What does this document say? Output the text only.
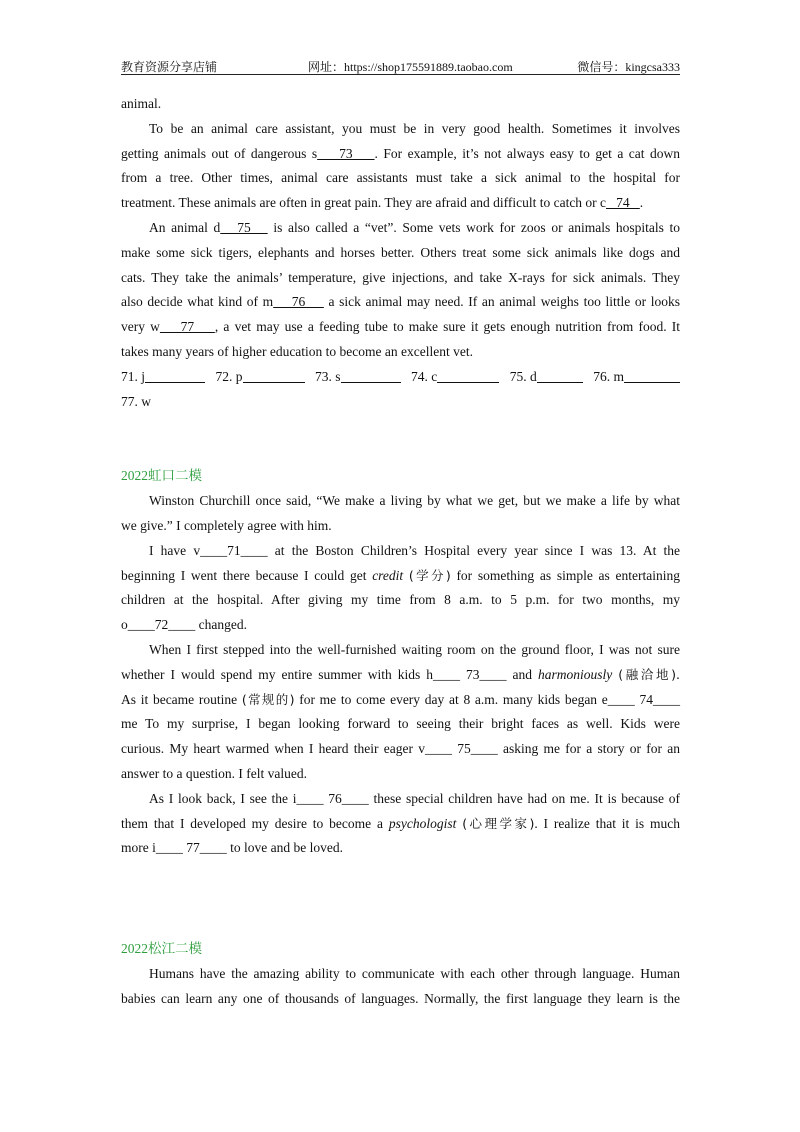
教育资源分享店铺	网址：https://shop175591889.taobao.com	微信号：kingcsa333
animal.
To be an animal care assistant, you must be in very good health. Sometimes it involves
getting animals out of dangerous s    73    . For example, it’s not always easy to get a cat down
from a tree. Other times, animal care assistants must take a sick animal to the hospital for
treatment. These animals are often in great pain. They are afraid and difficult to catch or c   74   .
An animal d   75    is also called a “vet”. Some vets work for zoos or animals hospitals to
make some sick tigers, elephants and horses better. Others treat some sick animals like dogs and
cats. They take the animals’ temperature, give injections, and take X-rays for sick animals. They
also decide what kind of m    76     a sick animal may need. If an animal weighs too little or looks
very w    77    , a vet may use a feeding tube to make sure it gets enough nutrition from food. It
takes many years of higher education to become an excellent vet.
71. j	72. p	73. s	74. c	75. d	76. m
77. w
2022虹口二模
Winston Churchill once said, “We make a living by what we get, but we make a life by what
we give.” I completely agree with him.
I have v____71____ at the Boston Children’s Hospital every year since I was 13. At the
beginning I went there because I could get credit (学分) for something as simple as entertaining
children at the hospital. After giving my time from 8 a.m. to 5 p.m. for two months, my
o____72____ changed.
When I first stepped into the well-furnished waiting room on the ground floor, I was not sure
whether I would spend my entire summer with kids h____ 73____ and harmoniously (融洽地).
As it became routine (常规的) for me to come every day at 8 a.m. many kids began e____ 74____
me To my surprise, I began looking forward to seeing their bright faces as well. Kids were
curious. My heart warmed when I heard their eager v____ 75____ asking me for a story or for an
answer to a question. I felt valued.
As I look back, I see the i____ 76____ these special children have had on me. It is because of
them that I developed my desire to become a psychologist (心理学家). I realize that it is much
more i____ 77____ to love and be loved.
2022松江二模
Humans have the amazing ability to communicate with each other through language. Human
babies can learn any one of thousands of languages. Normally, the first language they learn is the
